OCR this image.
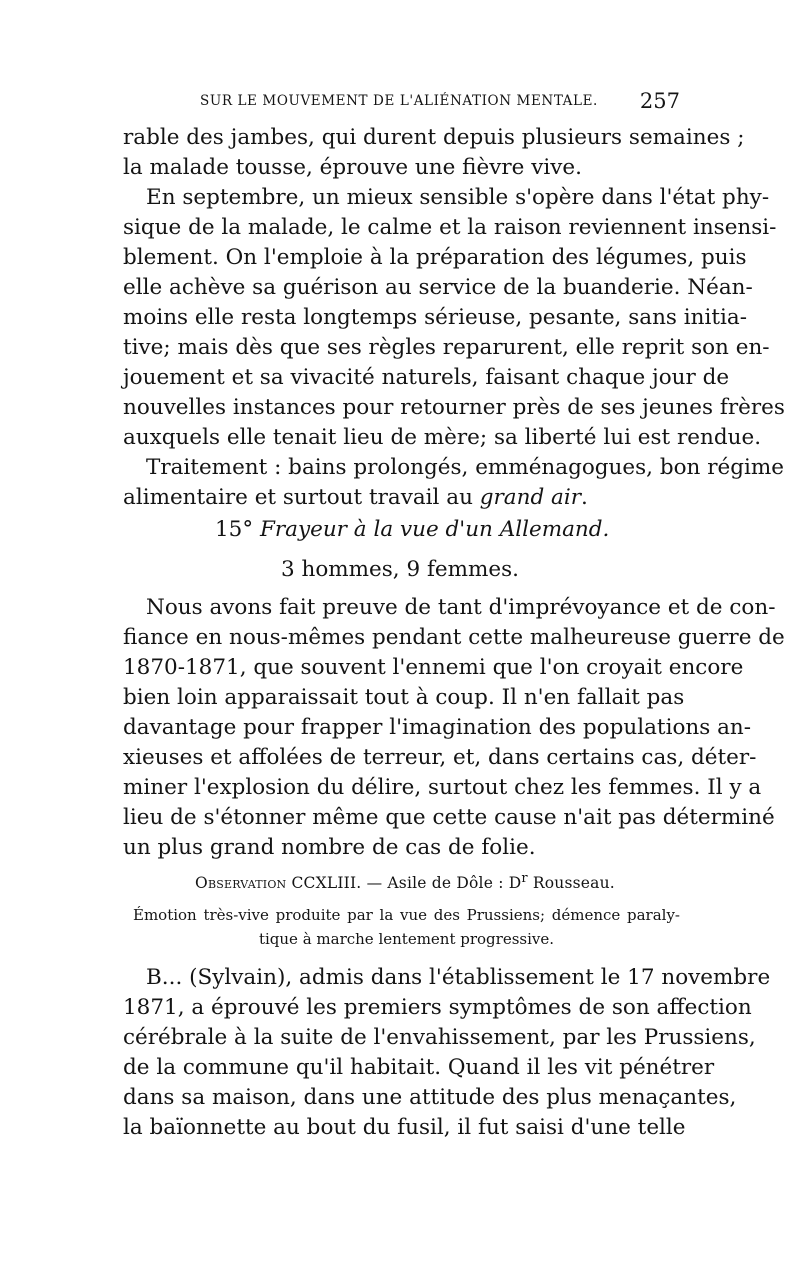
SUR LE MOUVEMENT DE L'ALIÉNATION MENTALE. 257
rable des jambes, qui durent depuis plusieurs semaines ;
la malade tousse, éprouve une fièvre vive.
En septembre, un mieux sensible s'opère dans l'état phy-
sique de la malade, le calme et la raison reviennent insensi-
blement. On l'emploie à la préparation des légumes, puis
elle achève sa guérison au service de la buanderie. Néan-
moins elle resta longtemps sérieuse, pesante, sans initia-
tive; mais dès que ses règles reparurent, elle reprit son en-
jouement et sa vivacité naturels, faisant chaque jour de
nouvelles instances pour retourner près de ses jeunes frères
auxquels elle tenait lieu de mère; sa liberté lui est rendue.
Traitement : bains prolongés, emménagogues, bon régime
alimentaire et surtout travail au grand air.
15° Frayeur à la vue d'un Allemand.
3 hommes, 9 femmes.
Nous avons fait preuve de tant d'imprévoyance et de con-
fiance en nous-mêmes pendant cette malheureuse guerre de
1870-1871, que souvent l'ennemi que l'on croyait encore
bien loin apparaissait tout à coup. Il n'en fallait pas
davantage pour frapper l'imagination des populations an-
xieuses et affolées de terreur, et, dans certains cas, déter-
miner l'explosion du délire, surtout chez les femmes. Il y a
lieu de s'étonner même que cette cause n'ait pas déterminé
un plus grand nombre de cas de folie.
Observation CCXLIII. — Asile de Dôle : $D^r$ Rousseau.
Émotion très-vive produite par la vue des Prussiens; démence paraly-
tique à marche lentement progressive.
B... (Sylvain), admis dans l'établissement le 17 novembre
1871, a éprouvé les premiers symptômes de son affection
cérébrale à la suite de l'envahissement, par les Prussiens,
de la commune qu'il habitait. Quand il les vit pénétrer
dans sa maison, dans une attitude des plus menaçantes,
la baïonnette au bout du fusil, il fut saisi d'une telle
